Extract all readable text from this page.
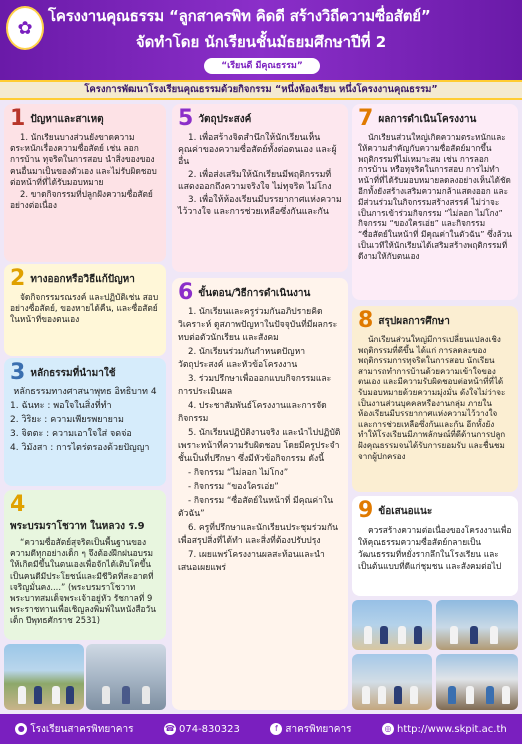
✿
โครงงานคุณธรรม “ลูกสาครพิท คิดดี สร้างวิถีความซื่อสัตย์”
จัดทำโดย นักเรียนชั้นมัธยมศึกษาปีที่ 2
“เรียนดี มีคุณธรรม”
โครงการพัฒนาโรงเรียนคุณธรรมด้วยกิจกรรม “หนึ่งห้องเรียน หนึ่งโครงงานคุณธรรม”
1 ปัญหาและสาเหตุ

1. นักเรียนบางส่วนยังขาดความตระหนักเรื่องความซื่อสัตย์ เช่น ลอกการบ้าน ทุจริตในการสอบ นำสิ่งของของคนอื่นมาเป็นของตัวเอง และไม่รับผิดชอบต่อหน้าที่ที่ได้รับมอบหมาย

2. ขาดกิจกรรมที่ปลูกฝังความซื่อสัตย์อย่างต่อเนื่อง

2 ทางออกหรือวิธีแก้ปัญหา

จัดกิจกรรมรณรงค์ และปฏิบัติเช่น สอบอย่างซื่อสัตย์, ของหายได้คืน, และซื่อสัตย์ในหน้าที่ของตนเอง

3 หลักธรรมที่นำมาใช้

หลักธรรมทางศาสนาพุทธ อิทธิบาท 4

1. ฉันทะ : พอใจในสิ่งที่ทำ

2. วิริยะ : ความเพียรพยายาม

3. จิตตะ : ความเอาใจใส่ จดจ่อ

4. วิมังสา : การไตร่ตรองด้วยปัญญา

4 พระบรมราโชวาท ในหลวง ร.9

“ความซื่อสัตย์สุจริตเป็นพื้นฐานของความดีทุกอย่างเด็ก ๆ จึงต้องฝึกฝนอบรมให้เกิดมีขึ้นในตนเองเพื่อจักได้เติบโตขึ้นเป็นคนดีมีประโยชน์และมีชีวิตที่สะอาดที่เจริญมั่นคง....” (พระบรมราโชวาท พระบาทสมเด็จพระเจ้าอยู่หัว รัชกาลที่ 9 พระราชทานเพื่อเชิญลงพิมพ์ในหนังสือวันเด็ก ปีพุทธศักราช 2531)

5 วัตถุประสงค์

1. เพื่อสร้างจิตสำนึกให้นักเรียนเห็นคุณค่าของความซื่อสัตย์ทั้งต่อตนเอง และผู้อื่น

2. เพื่อส่งเสริมให้นักเรียนมีพฤติกรรมที่แสดงออกถึงความจริงใจ ไม่ทุจริต ไม่โกง

3. เพื่อให้ห้องเรียนมีบรรยากาศแห่งความไว้วางใจ และการช่วยเหลือซึ่งกันและกัน

6 ขั้นตอน/วิธีการดำเนินงาน

1. นักเรียนและครูร่วมกันอภิปรายคิดวิเคราะห์ ดูสภาพปัญหาในปัจจุบันที่มีผลกระทบต่อตัวนักเรียน และสังคม

2. นักเรียนร่วมกันกำหนดปัญหาวัตถุประสงค์ และหัวข้อโครงงาน

3. ร่วมปรึกษาเพื่อออกแบบกิจกรรมและการประเมินผล

4. ประชาสัมพันธ์โครงงานและการจัดกิจกรรม

5. นักเรียนปฏิบัติงานจริง และนำไปปฏิบัติเพราะหน้าที่ความรับผิดชอบ โดยมีครูประจำชั้นเป็นที่ปรึกษา ซึ่งมีหัวข้อกิจกรรม ดังนี้

- กิจกรรม “ไม่ลอก ไม่โกง”

- กิจกรรม “ของใครเอ่ย”

- กิจกรรม “ซื่อสัตย์ในหน้าที่ มีคุณค่าในตัวฉัน”

6. ครูที่ปรึกษาและนักเรียนประชุมร่วมกันเพื่อสรุปสิ่งที่ได้ทำ และสิ่งที่ต้องปรับปรุง

7. เผยแพร่โครงงานผลสะท้อนและนำเสนอเผยแพร่

7 ผลการดำเนินโครงงาน

นักเรียนส่วนใหญ่เกิดความตระหนักและให้ความสำคัญกับความซื่อสัตย์มากขึ้น พฤติกรรมที่ไม่เหมาะสม เช่น การลอกการบ้าน หรือทุจริตในการสอบ การไม่ทำหน้าที่ที่ได้รับมอบหมายลดลงอย่างเห็นได้ชัด อีกทั้งยังสร้างเสริมความกล้าแสดงออก และมีส่วนร่วมในกิจกรรมสร้างสรรค์ ไม่ว่าจะเป็นการเข้าร่วมกิจกรรม “ไม่ลอก ไม่โกง” กิจกรรม “ของใครเอ่ย” และกิจกรรม “ซื่อสัตย์ในหน้าที่ มีคุณค่าในตัวฉัน” ซึ่งล้วนเป็นเวทีให้นักเรียนได้เสริมสร้างพฤติกรรมที่ดีงามให้กับตนเอง

8 สรุปผลการศึกษา

นักเรียนส่วนใหญ่มีการเปลี่ยนแปลงเชิงพฤติกรรมที่ดีขึ้น ได้แก่ การลดละของพฤติกรรมการทุจริตในการสอบ นักเรียนสามารถทำการบ้านด้วยความเข้าใจของตนเอง และมีความรับผิดชอบต่อหน้าที่ที่ได้รับมอบหมายด้วยความมุ่งมั่น ดังใจไม่ว่าจะเป็นงานส่วนบุคคลหรืองานกลุ่ม ภายในห้องเรียนมีบรรยากาศแห่งความไว้วางใจ และการช่วยเหลือซึ่งกันและกัน อีกทั้งยังทำให้โรงเรียนมีภาพลักษณ์ที่ดีด้านการปลูกฝังคุณธรรมจนได้รับการยอมรับ และชื่นชมจากผู้ปกครอง

9 ข้อเสนอแนะ

ควรสร้างความต่อเนื่องของโครงงานเพื่อให้คุณธรรมความซื่อสัตย์กลายเป็นวัฒนธรรมที่หยั่งรากลึกในโรงเรียน และเป็นต้นแบบที่ดีแก่ชุมชน และสังคมต่อไป

● โรงเรียนสาครพิทยาคาร	☎ 074-830323	f สาครพิทยาคาร	◎ http://www.skpit.ac.th
